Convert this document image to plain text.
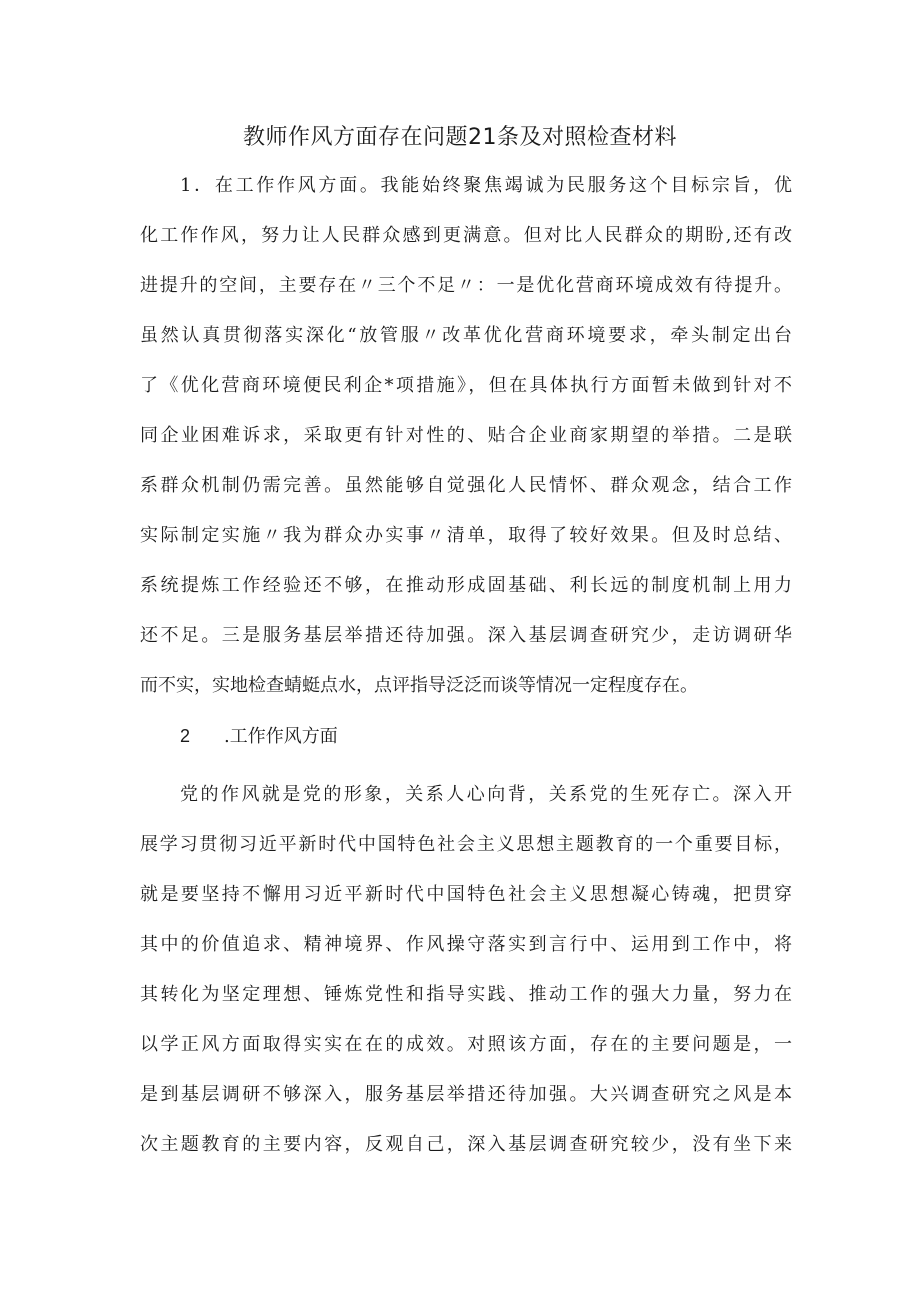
教师作风方面存在问题21条及对照检查材料
1．在工作作风方面。我能始终聚焦竭诚为民服务这个目标宗旨，优
化工作作风，努力让人民群众感到更满意。但对比人民群众的期盼,还有改
进提升的空间，主要存在〃三个不足〃：一是优化营商环境成效有待提升。
虽然认真贯彻落实深化“放管服〃改革优化营商环境要求，牵头制定出台
了《优化营商环境便民利企*项措施》，但在具体执行方面暂未做到针对不
同企业困难诉求，采取更有针对性的、贴合企业商家期望的举措。二是联
系群众机制仍需完善。虽然能够自觉强化人民情怀、群众观念，结合工作
实际制定实施〃我为群众办实事〃清单，取得了较好效果。但及时总结、
系统提炼工作经验还不够，在推动形成固基础、利长远的制度机制上用力
还不足。三是服务基层举措还待加强。深入基层调查研究少，走访调研华
而不实，实地检查蜻蜓点水，点评指导泛泛而谈等情况一定程度存在。
2 .工作作风方面
党的作风就是党的形象，关系人心向背，关系党的生死存亡。深入开
展学习贯彻习近平新时代中国特色社会主义思想主题教育的一个重要目标，
就是要坚持不懈用习近平新时代中国特色社会主义思想凝心铸魂，把贯穿
其中的价值追求、精神境界、作风操守落实到言行中、运用到工作中，将
其转化为坚定理想、锤炼党性和指导实践、推动工作的强大力量，努力在
以学正风方面取得实实在在的成效。对照该方面，存在的主要问题是，一
是到基层调研不够深入，服务基层举措还待加强。大兴调查研究之风是本
次主题教育的主要内容，反观自己，深入基层调查研究较少，没有坐下来
